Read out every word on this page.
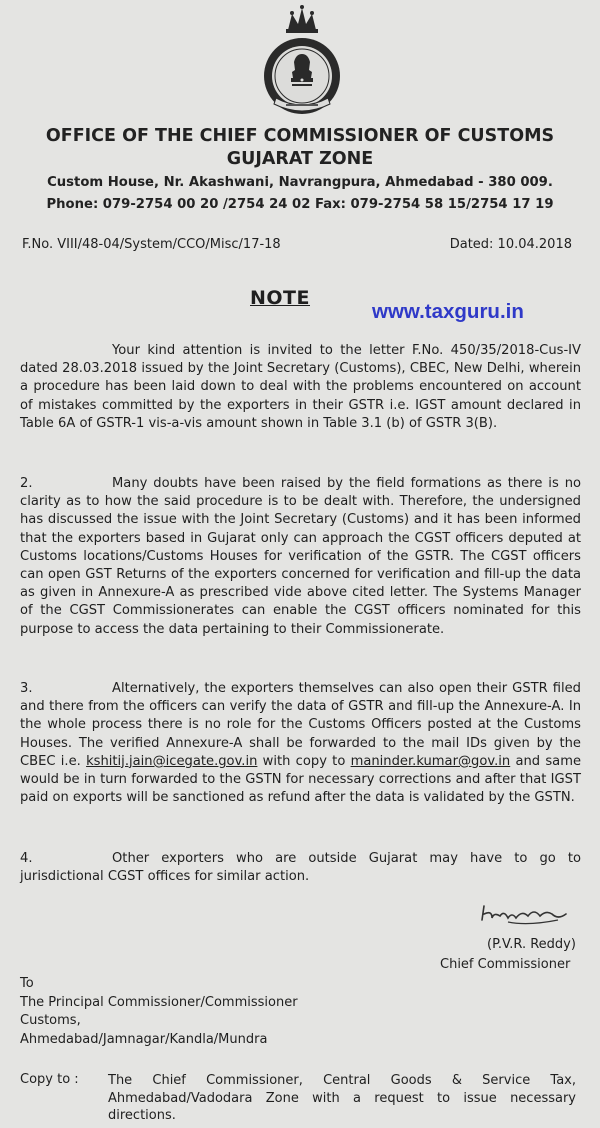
OFFICE OF THE CHIEF COMMISSIONER OF CUSTOMS
GUJARAT ZONE
Custom House, Nr. Akashwani, Navrangpura, Ahmedabad - 380 009.
Phone: 079-2754 00 20 /2754 24 02 Fax: 079-2754 58 15/2754 17 19
F.No. VIII/48-04/System/CCO/Misc/17-18	Dated: 10.04.2018
NOTE
www.taxguru.in

Your kind attention is invited to the letter F.No. 450/35/2018-Cus-IV dated 28.03.2018 issued by the Joint Secretary (Customs), CBEC, New Delhi, wherein a procedure has been laid down to deal with the problems encountered on account of mistakes committed by the exporters in their GSTR i.e. IGST amount declared in Table 6A of GSTR-1 vis-a-vis amount shown in Table 3.1 (b) of GSTR 3(B).

2.	Many doubts have been raised by the field formations as there is no clarity as to how the said procedure is to be dealt with. Therefore, the undersigned has discussed the issue with the Joint Secretary (Customs) and it has been informed that the exporters based in Gujarat only can approach the CGST officers deputed at Customs locations/Customs Houses for verification of the GSTR. The CGST officers can open GST Returns of the exporters concerned for verification and fill-up the data as given in Annexure-A as prescribed vide above cited letter. The Systems Manager of the CGST Commissionerates can enable the CGST officers nominated for this purpose to access the data pertaining to their Commissionerate.

3.	Alternatively, the exporters themselves can also open their GSTR filed and there from the officers can verify the data of GSTR and fill-up the Annexure-A. In the whole process there is no role for the Customs Officers posted at the Customs Houses. The verified Annexure-A shall be forwarded to the mail IDs given by the CBEC i.e. kshitij.jain@icegate.gov.in with copy to maninder.kumar@gov.in and same would be in turn forwarded to the GSTN for necessary corrections and after that IGST paid on exports will be sanctioned as refund after the data is validated by the GSTN.

4.	Other exporters who are outside Gujarat may have to go to jurisdictional CGST offices for similar action.

(P.V.R. Reddy)
Chief Commissioner
To
The Principal Commissioner/Commissioner
Customs,
Ahmedabad/Jamnagar/Kandla/Mundra
Copy to : The Chief Commissioner, Central Goods & Service Tax, Ahmedabad/Vadodara Zone with a request to issue necessary directions.
